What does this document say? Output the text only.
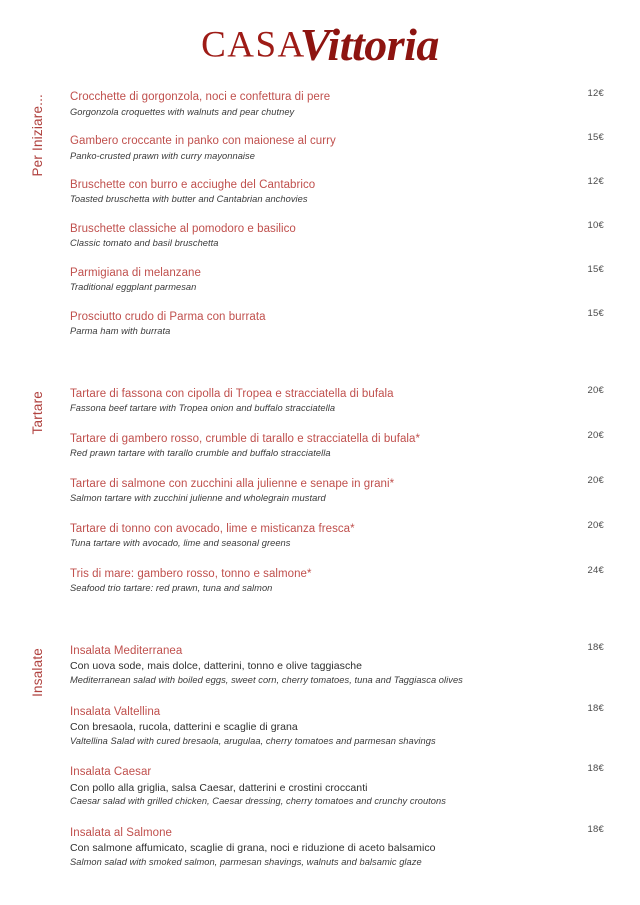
CASAVittoria
Per Iniziare...
12€
Crocchette di gorgonzola, noci e confettura di pere
Gorgonzola croquettes with walnuts and pear chutney
15€
Gambero croccante in panko con maionese al curry
Panko-crusted prawn with curry mayonnaise
12€
Bruschette con burro e acciughe del Cantabrico
Toasted bruschetta with butter and Cantabrian anchovies
10€
Bruschette classiche al pomodoro e basilico
Classic tomato and basil bruschetta
15€
Parmigiana di melanzane
Traditional eggplant parmesan
15€
Prosciutto crudo di Parma con burrata
Parma ham with burrata
Tartare
20€
Tartare di fassona con cipolla di Tropea e stracciatella di bufala
Fassona beef tartare with Tropea onion and buffalo stracciatella
20€
Tartare di gambero rosso, crumble di tarallo e stracciatella di bufala*
Red prawn tartare with tarallo crumble and buffalo stracciatella
20€
Tartare di salmone con zucchini alla julienne e senape in grani*
Salmon tartare with zucchini julienne and wholegrain mustard
20€
Tartare di tonno con avocado, lime e misticanza fresca*
Tuna tartare with avocado, lime and seasonal greens
24€
Tris di mare: gambero rosso, tonno e salmone*
Seafood trio tartare: red prawn, tuna and salmon
Insalate
18€
Insalata Mediterranea
Con uova sode, mais dolce, datterini, tonno e olive taggiasche
Mediterranean salad with boiled eggs, sweet corn, cherry tomatoes, tuna and Taggiasca olives
18€
Insalata Valtellina
Con bresaola, rucola, datterini e scaglie di grana
Valtellina Salad with cured bresaola, arugulaa, cherry tomatoes and parmesan shavings
18€
Insalata Caesar
Con pollo alla griglia, salsa Caesar, datterini e crostini croccanti
Caesar salad with grilled chicken, Caesar dressing, cherry tomatoes and crunchy croutons
18€
Insalata al Salmone
Con salmone affumicato, scaglie di grana, noci e riduzione di aceto balsamico
Salmon salad with smoked salmon, parmesan shavings, walnuts and balsamic glaze
